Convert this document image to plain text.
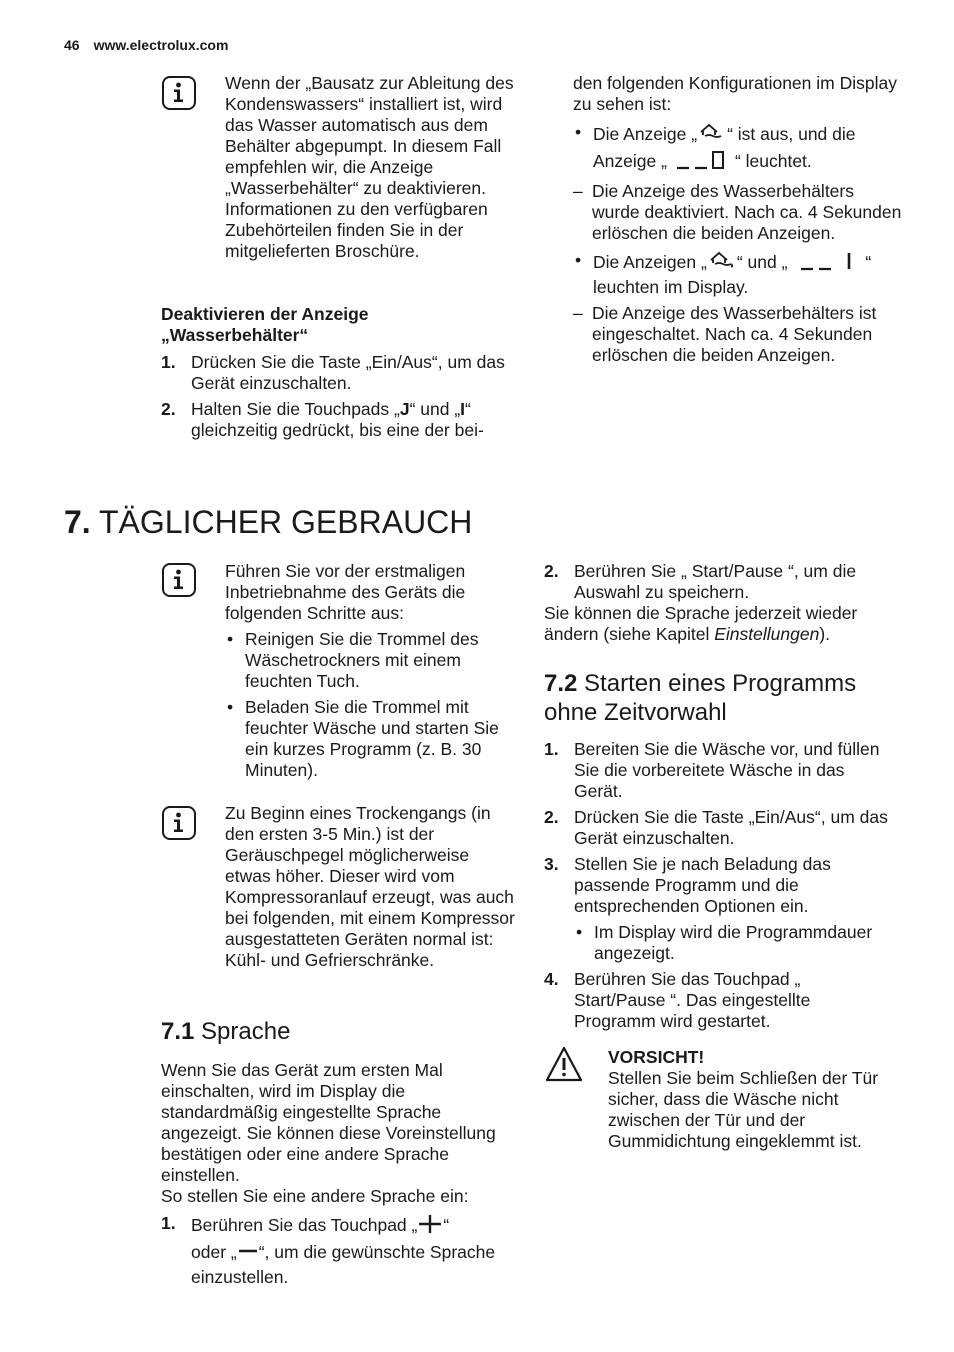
46 www.electrolux.com

Wenn der „Bausatz zur Ableitung des Kondenswassers“ installiert ist, wird das Wasser automatisch aus dem Behälter abgepumpt. In diesem Fall empfehlen wir, die Anzeige „Wasserbehälter“ zu deaktivieren.

Informationen zu den verfügbaren Zubehörteilen finden Sie in der mitgelieferten Broschüre.

Deaktivieren der Anzeige
„Wasserbehälter“
1. Drücken Sie die Taste „Ein/Aus“, um das Gerät einzuschalten.
2. Halten Sie die Touchpads „J“ und „I“ gleichzeitig gedrückt, bis eine der bei-

den folgenden Konfigurationen im Display zu sehen ist:

• Die Anzeige „ “ ist aus, und die
Anzeige „	“ leuchtet.
– Die Anzeige des Wasserbehälters wurde deaktiviert. Nach ca. 4 Sekunden erlöschen die beiden Anzeigen.
• Die Anzeigen „ “ und „	“
leuchten im Display.
– Die Anzeige des Wasserbehälters ist eingeschaltet. Nach ca. 4 Sekunden erlöschen die beiden Anzeigen.
7. TÄGLICHER GEBRAUCH

Führen Sie vor der erstmaligen Inbetriebnahme des Geräts die folgenden Schritte aus:

• Reinigen Sie die Trommel des Wäschetrockners mit einem feuchten Tuch.
• Beladen Sie die Trommel mit feuchter Wäsche und starten Sie ein kurzes Programm (z. B. 30 Minuten).

Zu Beginn eines Trockengangs (in den ersten 3-5 Min.) ist der Geräuschpegel möglicherweise etwas höher. Dieser wird vom Kompressoranlauf erzeugt, was auch bei folgenden, mit einem Kompressor ausgestatteten Geräten normal ist: Kühl- und Gefrierschränke.

7.1 Sprache

Wenn Sie das Gerät zum ersten Mal einschalten, wird im Display die standardmäßig eingestellte Sprache angezeigt. Sie können diese Voreinstellung bestätigen oder eine andere Sprache einstellen.

So stellen Sie eine andere Sprache ein:

1. Berühren Sie das Touchpad „ “
oder „ “, um die gewünschte Sprache einzustellen.
2. Berühren Sie „ Start/Pause “, um die Auswahl zu speichern.

Sie können die Sprache jederzeit wieder ändern (siehe Kapitel Einstellungen).

7.2 Starten eines Programms ohne Zeitvorwahl
1. Bereiten Sie die Wäsche vor, und füllen Sie die vorbereitete Wäsche in das Gerät.
2. Drücken Sie die Taste „Ein/Aus“, um das Gerät einzuschalten.
3. Stellen Sie je nach Beladung das passende Programm und die entsprechenden Optionen ein.
• Im Display wird die Programmdauer angezeigt.
4. Berühren Sie das Touchpad „ Start/Pause “. Das eingestellte Programm wird gestartet.

VORSICHT!

Stellen Sie beim Schließen der Tür sicher, dass die Wäsche nicht zwischen der Tür und der Gummidichtung eingeklemmt ist.
